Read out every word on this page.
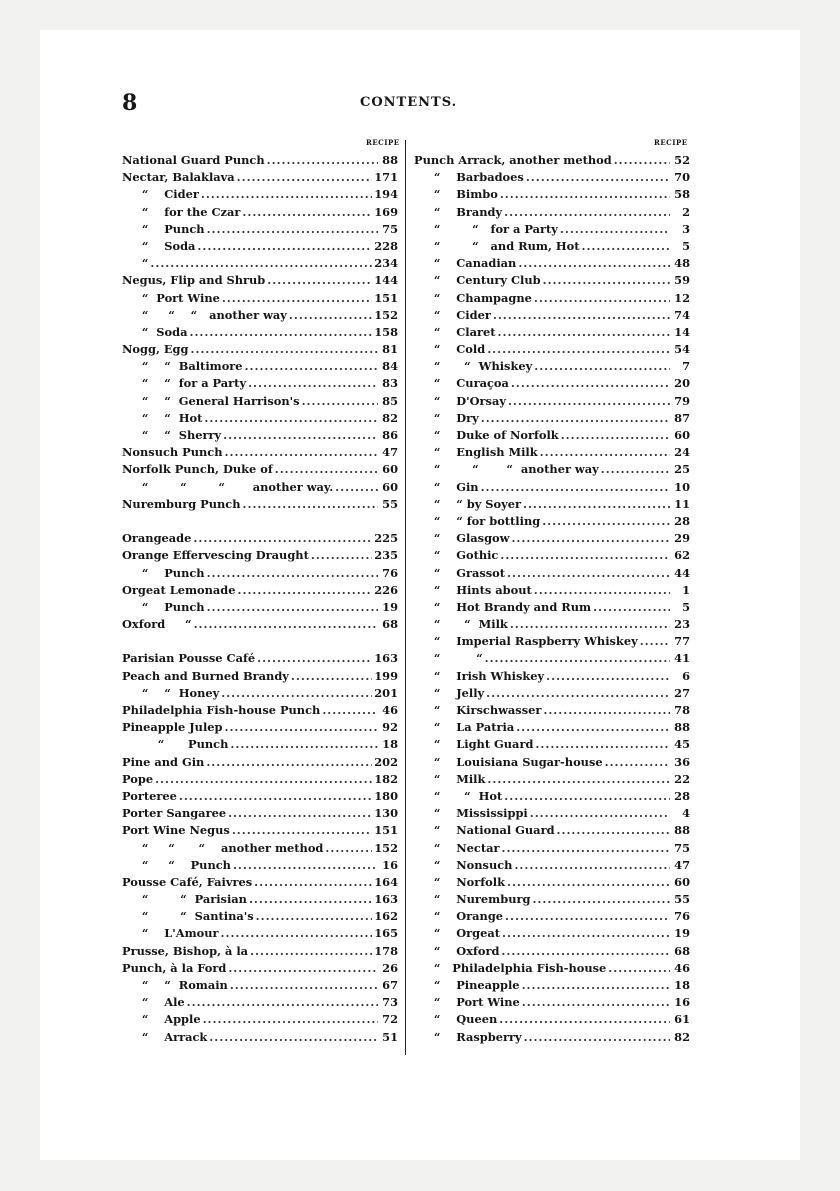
8	CONTENTS.
RECIPE	RECIPE
National Guard Punch .....	88
Nectar, Balaklava .....	171
“    Cider .....	194
“    for the Czar .....	169
“    Punch .....	75
“    Soda .....	228
“ .....	234
Negus, Flip and Shrub .....	144
“  Port Wine .....	151
“     “    “   another way .....	152
“  Soda .....	158
Nogg, Egg .....	81
“    “  Baltimore .....	84
“    “  for a Party .....	83
“    “  General Harrison's .....	85
“    “  Hot .....	82
“    “  Sherry .....	86
Nonsuch Punch .....	47
Norfolk Punch, Duke of .....	60
“        “        “       another way. .....	60
Nuremburg Punch .....	55
Orangeade .....	225
Orange Effervescing Draught .....	235
“    Punch .....	76
Orgeat Lemonade .....	226
“    Punch .....	19
Oxford     “ .....	68
Parisian Pousse Café .....	163
Peach and Burned Brandy .....	199
“    “  Honey .....	201
Philadelphia Fish-house Punch .....	46
Pineapple Julep .....	92
“      Punch .....	18
Pine and Gin .....	202
Pope .....	182
Porteree .....	180
Porter Sangaree .....	130
Port Wine Negus .....	151
“     “      “    another method .....	152
“     “    Punch .....	16
Pousse Café, Faivres .....	164
“        “  Parisian .....	163
“        “  Santina's .....	162
“    L'Amour .....	165
Prusse, Bishop, à la .....	178
Punch, à la Ford .....	26
“    “  Romain .....	67
“    Ale .....	73
“    Apple .....	72
“    Arrack .....	51
Punch Arrack, another method .....	52
“    Barbadoes .....	70
“    Bimbo .....	58
“    Brandy .....	2
“        “   for a Party .....	3
“        “   and Rum, Hot .....	5
“    Canadian .....	48
“    Century Club .....	59
“    Champagne .....	12
“    Cider .....	74
“    Claret .....	14
“    Cold .....	54
“      “  Whiskey .....	7
“    Curaçoa .....	20
“    D'Orsay .....	79
“    Dry .....	87
“    Duke of Norfolk .....	60
“    English Milk .....	24
“        “       “  another way .....	25
“    Gin .....	10
“    “ by Soyer .....	11
“    “ for bottling .....	28
“    Glasgow .....	29
“    Gothic .....	62
“    Grassot .....	44
“    Hints about .....	1
“    Hot Brandy and Rum .....	5
“      “  Milk .....	23
“    Imperial Raspberry Whiskey .....	77
“         “ .....	41
“    Irish Whiskey .....	6
“    Jelly .....	27
“    Kirschwasser .....	78
“    La Patria .....	88
“    Light Guard .....	45
“    Louisiana Sugar-house .....	36
“    Milk .....	22
“      “  Hot .....	28
“    Mississippi .....	4
“    National Guard .....	88
“    Nectar .....	75
“    Nonsuch .....	47
“    Norfolk .....	60
“    Nuremburg .....	55
“    Orange .....	76
“    Orgeat .....	19
“    Oxford .....	68
“   Philadelphia Fish-house .....	46
“    Pineapple .....	18
“    Port Wine .....	16
“    Queen .....	61
“    Raspberry .....	82
